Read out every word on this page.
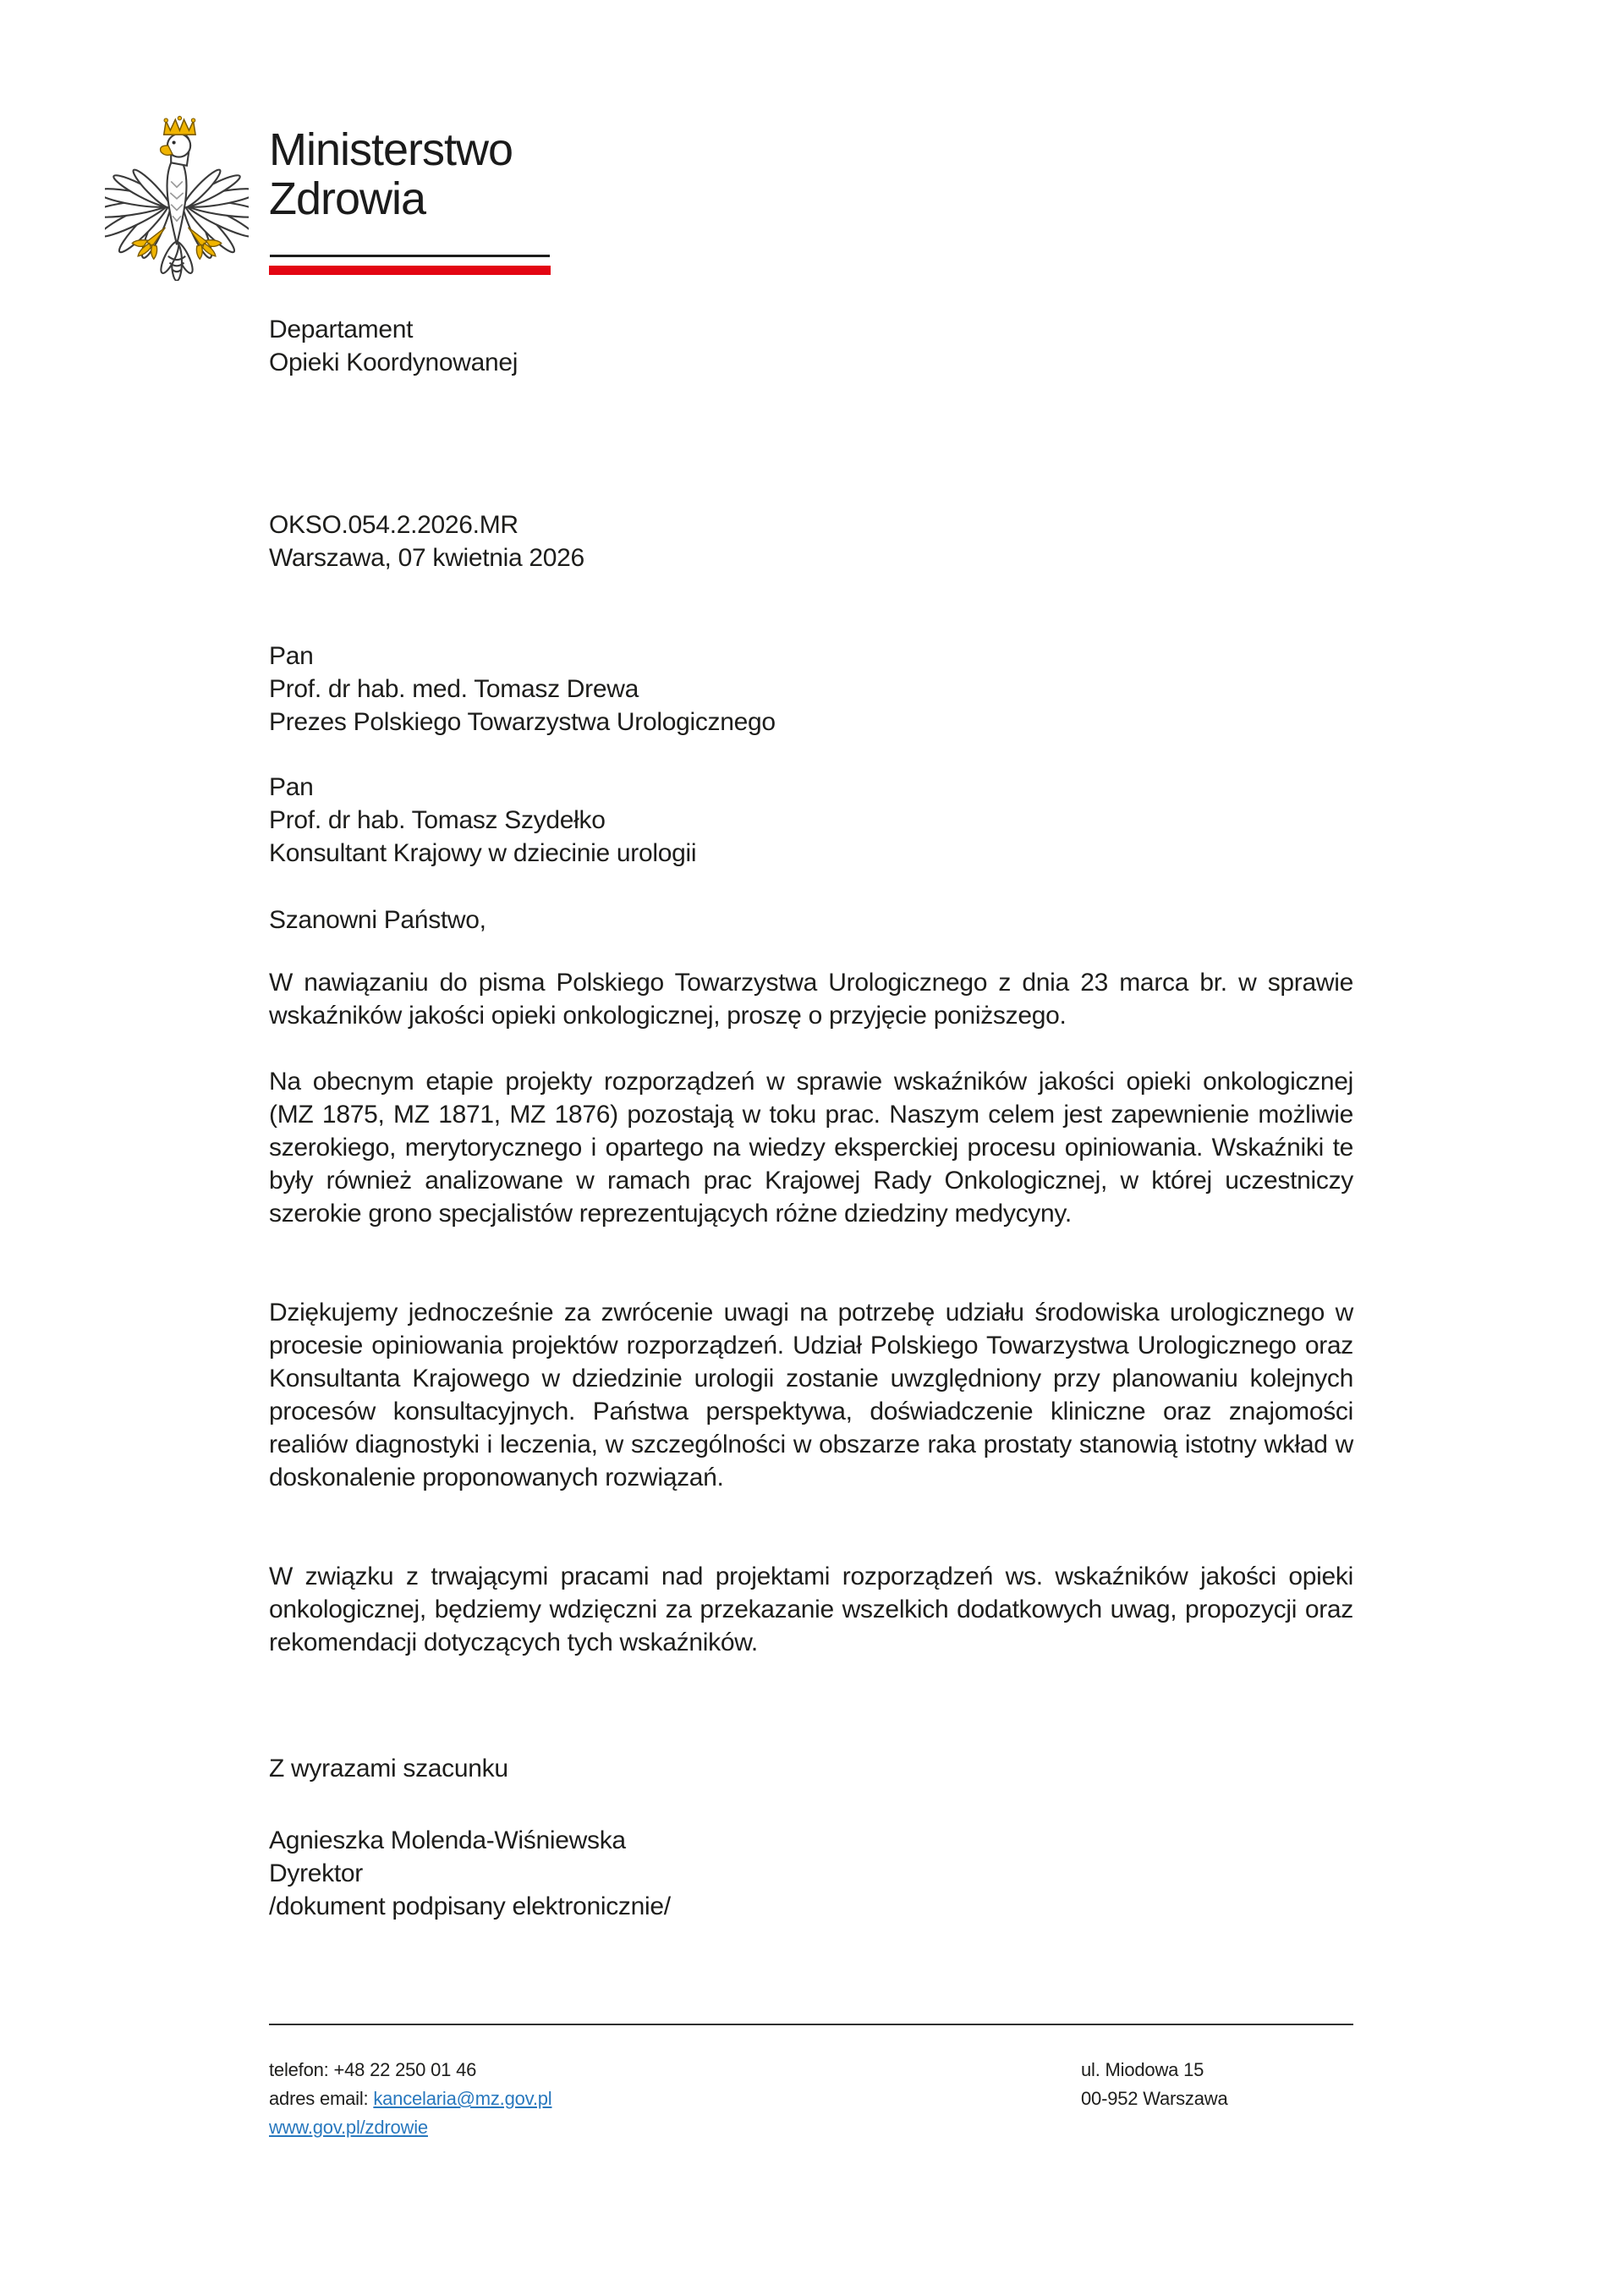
Ministerstwo
Zdrowia
Departament
Opieki Koordynowanej
OKSO.054.2.2026.MR
Warszawa, 07 kwietnia 2026
Pan
Prof. dr hab. med. Tomasz Drewa
Prezes Polskiego Towarzystwa Urologicznego
Pan
Prof. dr hab. Tomasz Szydełko
Konsultant Krajowy w dziecinie urologii
Szanowni Państwo,
W nawiązaniu do pisma Polskiego Towarzystwa Urologicznego z dnia 23 marca br. w sprawie wskaźników jakości opieki onkologicznej, proszę o przyjęcie poniższego.
Na obecnym etapie projekty rozporządzeń w sprawie wskaźników jakości opieki onkologicznej (MZ 1875, MZ 1871, MZ 1876) pozostają w toku prac. Naszym celem jest zapewnienie możliwie szerokiego, merytorycznego i opartego na wiedzy eksperckiej procesu opiniowania. Wskaźniki te były również analizowane w ramach prac Krajowej Rady Onkologicznej, w której uczestniczy szerokie grono specjalistów reprezentujących różne dziedziny medycyny.
Dziękujemy jednocześnie za zwrócenie uwagi na potrzebę udziału środowiska urologicznego w procesie opiniowania projektów rozporządzeń. Udział Polskiego Towarzystwa Urologicznego oraz Konsultanta Krajowego w dziedzinie urologii zostanie uwzględniony przy planowaniu kolejnych procesów konsultacyjnych. Państwa perspektywa, doświadczenie kliniczne oraz znajomości realiów diagnostyki i leczenia, w szczególności w obszarze raka prostaty stanowią istotny wkład w doskonalenie proponowanych rozwiązań.
W związku z trwającymi pracami nad projektami rozporządzeń ws. wskaźników jakości opieki onkologicznej, będziemy wdzięczni za przekazanie wszelkich dodatkowych uwag, propozycji oraz rekomendacji dotyczących tych wskaźników.
Z wyrazami szacunku
Agnieszka Molenda-Wiśniewska
Dyrektor
/dokument podpisany elektronicznie/
telefon: +48 22 250 01 46
adres email: kancelaria@mz.gov.pl
www.gov.pl/zdrowie
ul. Miodowa 15
00-952 Warszawa
